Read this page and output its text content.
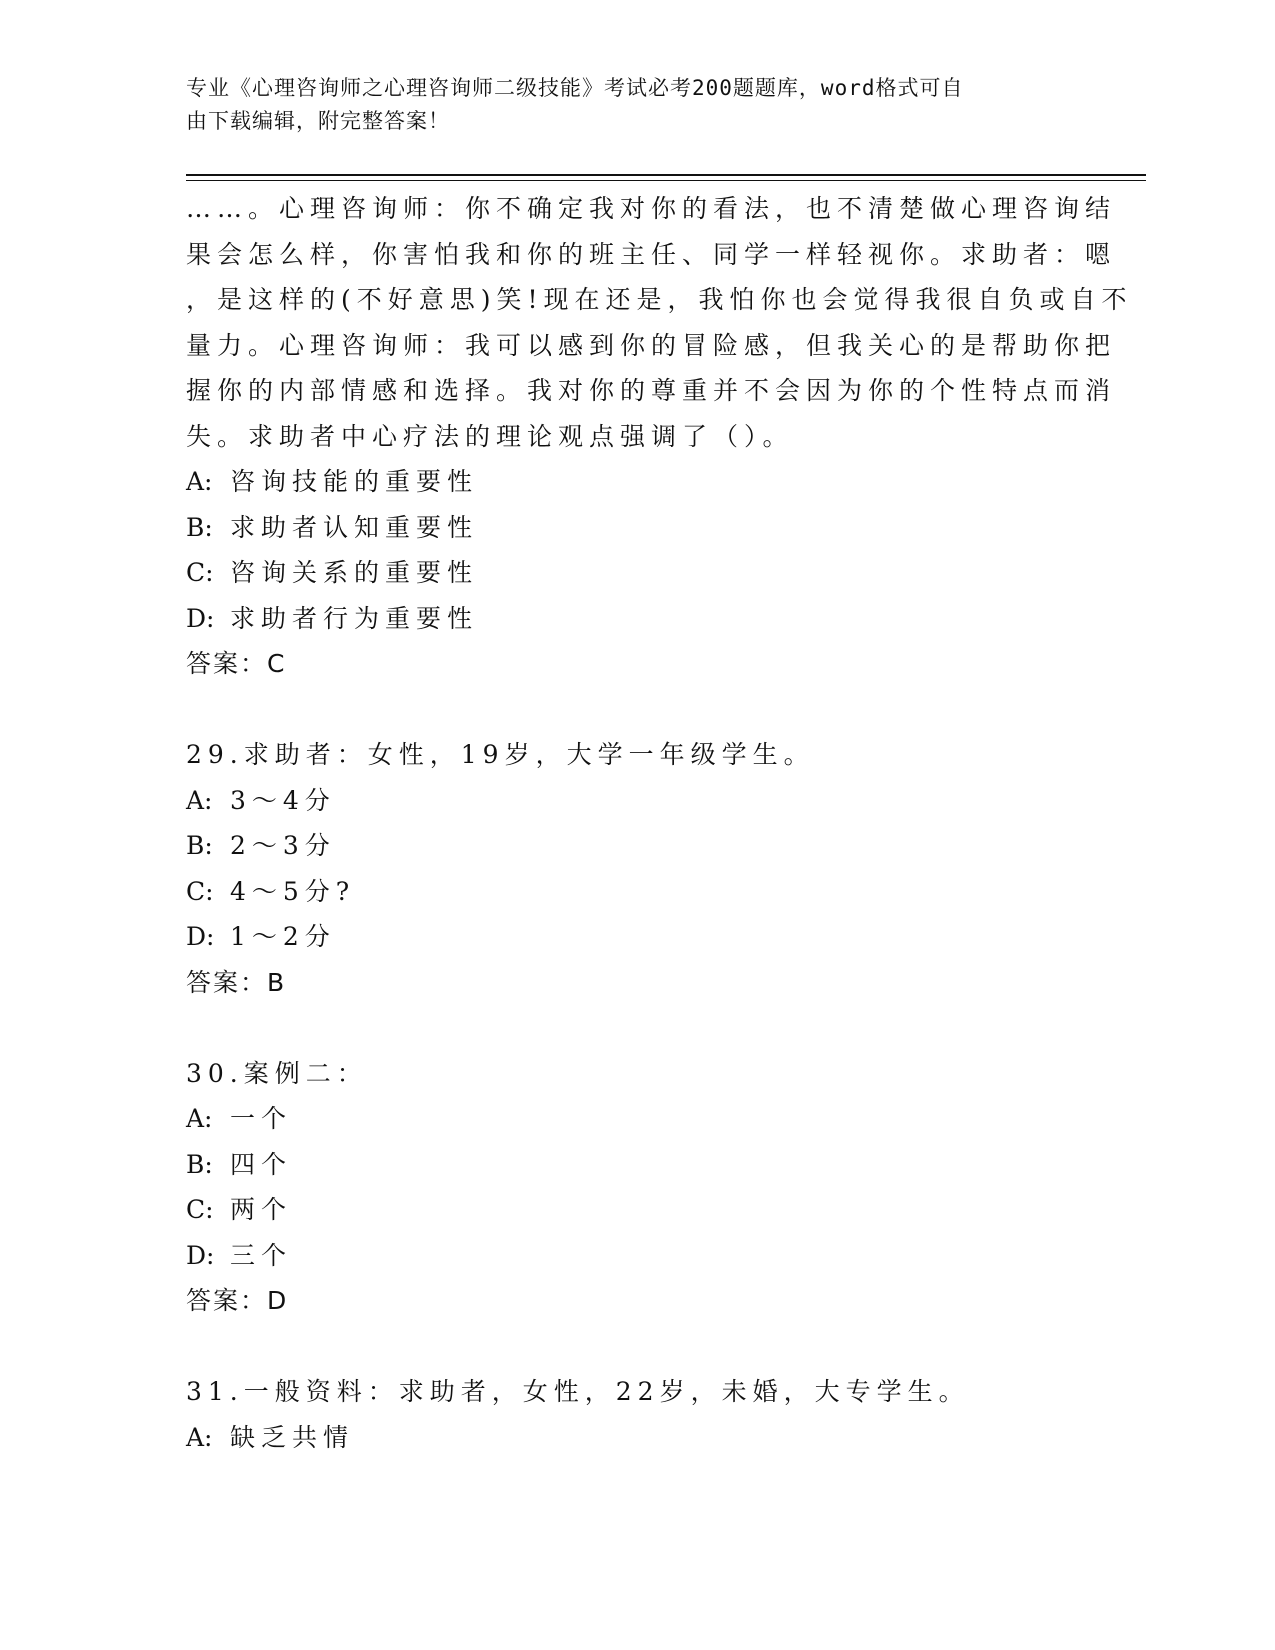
专业《心理咨询师之心理咨询师二级技能》考试必考200题题库，word格式可自
由下载编辑，附完整答案！
……。心理咨询师：你不确定我对你的看法，也不清楚做心理咨询结
果会怎么样，你害怕我和你的班主任、同学一样轻视你。求助者：嗯
，是这样的(不好意思)笑!现在还是，我怕你也会觉得我很自负或自不
量力。心理咨询师：我可以感到你的冒险感，但我关心的是帮助你把
握你的内部情感和选择。我对你的尊重并不会因为你的个性特点而消
失。求助者中心疗法的理论观点强调了（）。
A: 咨询技能的重要性
B: 求助者认知重要性
C: 咨询关系的重要性
D: 求助者行为重要性
答案：C
29.求助者：女性，19岁，大学一年级学生。
A: 3～4分
B: 2～3分
C: 4～5分?
D: 1～2分
答案：B
30.案例二：
A: 一个
B: 四个
C: 两个
D: 三个
答案：D
31.一般资料：求助者，女性，22岁，未婚，大专学生。
A: 缺乏共情
